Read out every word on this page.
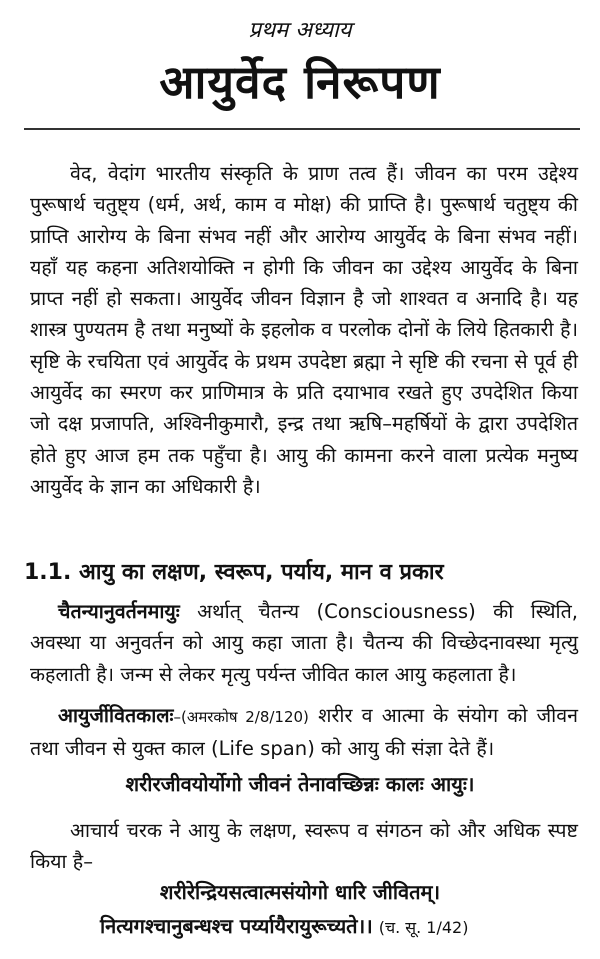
प्रथम अध्याय
आयुर्वेद निरूपण

वेद, वेदांग भारतीय संस्कृति के प्राण तत्व हैं। जीवन का परम उद्देश्य पुरूषार्थ चतुष्ट्य (धर्म, अर्थ, काम व मोक्ष) की प्राप्ति है। पुरूषार्थ चतुष्ट्य की प्राप्ति आरोग्य के बिना संभव नहीं और आरोग्य आयुर्वेद के बिना संभव नहीं। यहाँ यह कहना अतिशयोक्ति न होगी कि जीवन का उद्देश्य आयुर्वेद के बिना प्राप्त नहीं हो सकता। आयुर्वेद जीवन विज्ञान है जो शाश्वत व अनादि है। यह शास्त्र पुण्यतम है तथा मनुष्यों के इहलोक व परलोक दोनों के लिये हितकारी है। सृष्टि के रचयिता एवं आयुर्वेद के प्रथम उपदेष्टा ब्रह्मा ने सृष्टि की रचना से पूर्व ही आयुर्वेद का स्मरण कर प्राणिमात्र के प्रति दयाभाव रखते हुए उपदेशित किया जो दक्ष प्रजापति, अश्विनीकुमारौ, इन्द्र तथा ऋषि–महर्षियों के द्वारा उपदेशित होते हुए आज हम तक पहुँचा है। आयु की कामना करने वाला प्रत्येक मनुष्य आयुर्वेद के ज्ञान का अधिकारी है।

1.1. आयु का लक्षण, स्वरूप, पर्याय, मान व प्रकार

चैतन्यानुवर्तनमायुः अर्थात् चैतन्य (Consciousness) की स्थिति, अवस्था या अनुवर्तन को आयु कहा जाता है। चैतन्य की विच्छेदनावस्था मृत्यु कहलाती है। जन्म से लेकर मृत्यु पर्यन्त जीवित काल आयु कहलाता है।

आयुर्जीवितकालः–(अमरकोष 2/8/120) शरीर व आत्मा के संयोग को जीवन तथा जीवन से युक्त काल (Life span) को आयु की संज्ञा देते हैं।

शरीरजीवयोर्योगो जीवनं तेनावच्छिन्नः कालः आयुः।

आचार्य चरक ने आयु के लक्षण, स्वरूप व संगठन को और अधिक स्पष्ट किया है–

शरीरेन्द्रियसत्वात्मसंयोगो धारि जीवितम्।

नित्यगश्चानुबन्धश्च पर्य्यायैरायुरूच्यते।। (च. सू. 1/42)
